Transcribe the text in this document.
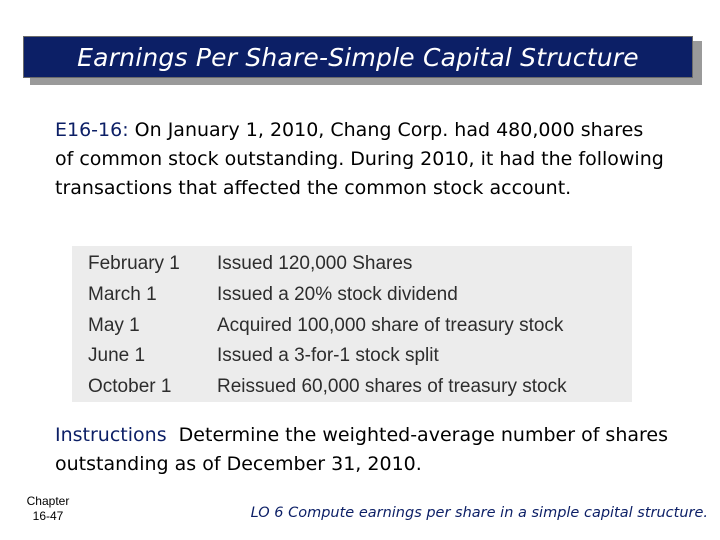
Earnings Per Share-Simple Capital Structure
E16-16: On January 1, 2010, Chang Corp. had 480,000 shares of common stock outstanding. During 2010, it had the following transactions that affected the common stock account.
February 1 Issued 120,000 Shares
March 1	Issued a 20% stock dividend
May 1	Acquired 100,000 share of treasury stock
June 1	Issued a 3-for-1 stock split
October 1 Reissued 60,000 shares of treasury stock
Instructions  Determine the weighted-average number of shares outstanding as of December 31, 2010.
Chapter
16-47	LO 6 Compute earnings per share in a simple capital structure.
